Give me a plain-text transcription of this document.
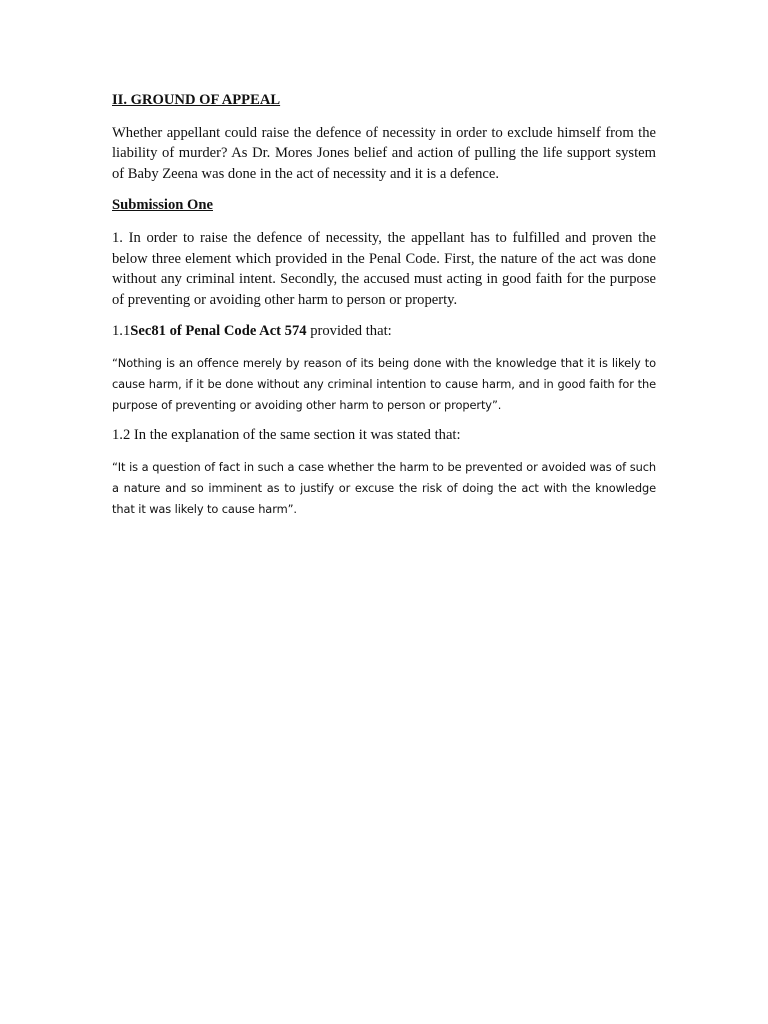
II. GROUND OF APPEAL

Whether appellant could raise the defence of necessity in order to exclude himself from the liability of murder? As Dr. Mores Jones belief and action of pulling the life support system of Baby Zeena was done in the act of necessity and it is a defence.

Submission One

1. In order to raise the defence of necessity, the appellant has to fulfilled and proven the below three element which provided in the Penal Code. First, the nature of the act was done without any criminal intent. Secondly, the accused must acting in good faith for the purpose of preventing or avoiding other harm to person or property.

1.1Sec81 of Penal Code Act 574 provided that:

“Nothing is an offence merely by reason of its being done with the knowledge that it is likely to cause harm, if it be done without any criminal intention to cause harm, and in good faith for the purpose of preventing or avoiding other harm to person or property”.

1.2 In the explanation of the same section it was stated that:

“It is a question of fact in such a case whether the harm to be prevented or avoided was of such a nature and so imminent as to justify or excuse the risk of doing the act with the knowledge that it was likely to cause harm”.
